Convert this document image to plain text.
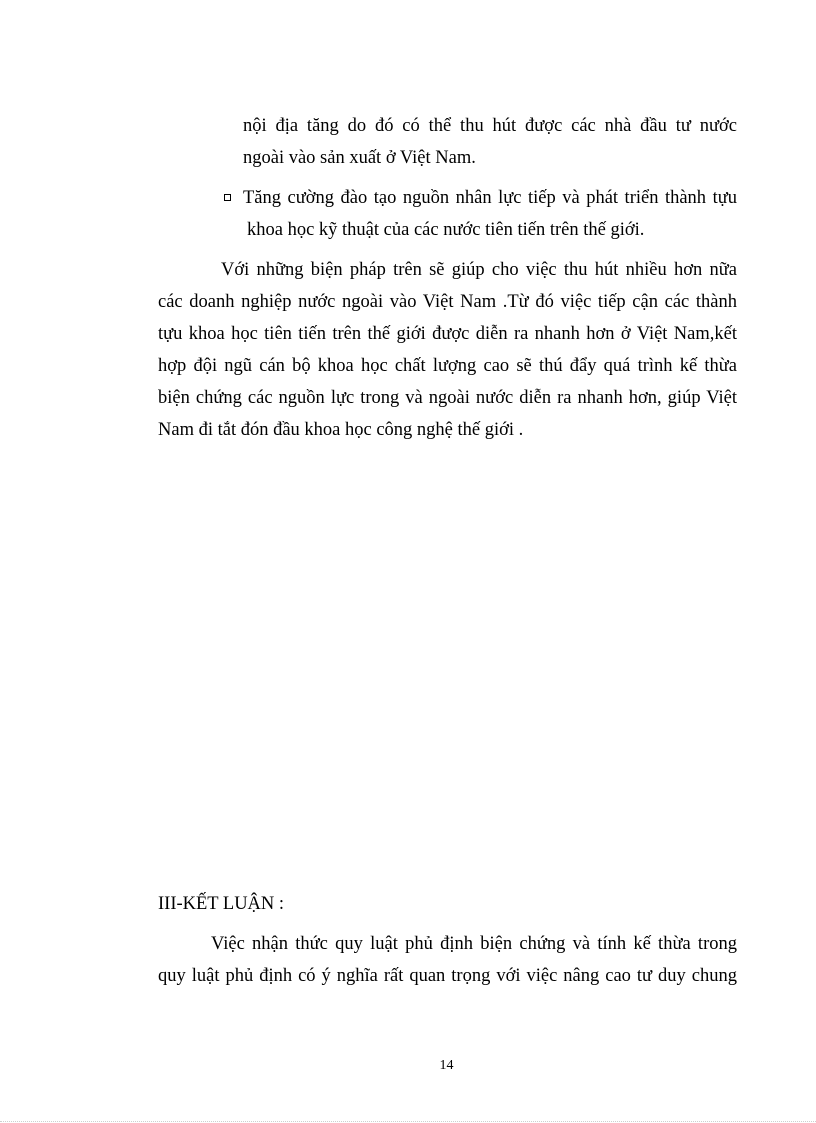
nội địa tăng do đó có thể thu hút được các nhà đầu tư nước
ngoài vào sản xuất ở Việt Nam.
Tăng cường đào tạo nguồn nhân lực tiếp và phát triển thành tựu
khoa học kỹ thuật của các nước tiên tiến trên thế giới.
Với những biện pháp trên sẽ giúp cho việc thu hút nhiều hơn nữa
các doanh nghiệp nước ngoài vào Việt Nam .Từ đó việc tiếp cận các thành
tựu khoa học tiên tiến trên thế giới được diễn ra nhanh hơn ở Việt Nam,kết
hợp đội ngũ cán bộ khoa học chất lượng cao sẽ thú đẩy quá trình kế thừa
biện chứng các nguồn lực trong và ngoài nước diễn ra nhanh hơn, giúp Việt
Nam đi tắt đón đầu khoa học công nghệ thế giới .
III-KẾT LUẬN :
Việc nhận thức quy luật phủ định biện chứng và tính kế thừa trong
quy luật phủ định có ý nghĩa rất quan trọng với việc nâng cao tư duy chung
14
